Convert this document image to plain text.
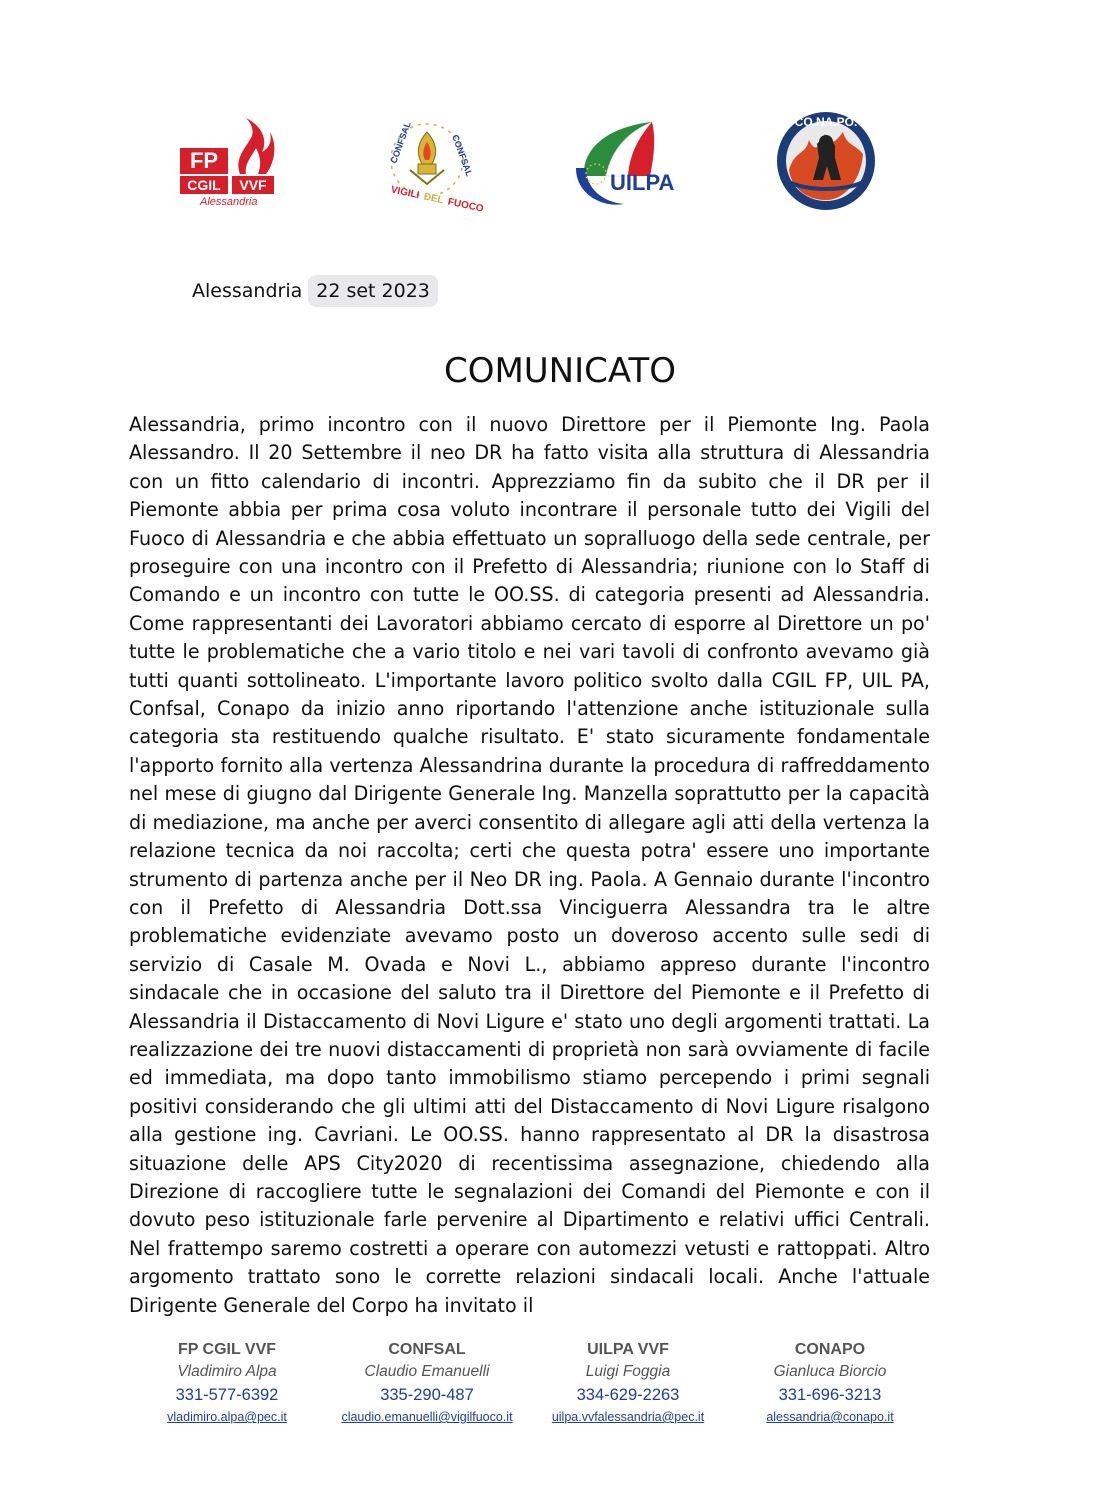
FP
CGIL	VVF
Alessandria
CONFSAL	CONFSAL
VIGILI DEL FUOCO
UILPA
CO.NA.PO.
Alessandria 22 set 2023
COMUNICATO

Alessandria, primo incontro con il nuovo Direttore per il Piemonte Ing. Paola Alessandro. Il 20 Settembre il neo DR ha fatto visita alla struttura di Alessandria con un fitto calendario di incontri. Apprezziamo fin da subito che il DR per il Piemonte abbia per prima cosa voluto incontrare il personale tutto dei Vigili del Fuoco di Alessandria e che abbia effettuato un sopralluogo della sede centrale, per proseguire con una incontro con il Prefetto di Alessandria; riunione con lo Staff di Comando e un incontro con tutte le OO.SS. di categoria presenti ad Alessandria. Come rappresentanti dei Lavoratori abbiamo cercato di esporre al Direttore un po' tutte le problematiche che a vario titolo e nei vari tavoli di confronto avevamo già tutti quanti sottolineato. L'importante lavoro politico svolto dalla CGIL FP, UIL PA, Confsal, Conapo da inizio anno riportando l'attenzione anche istituzionale sulla categoria sta restituendo qualche risultato. E' stato sicuramente fondamentale l'apporto fornito alla vertenza Alessandrina durante la procedura di raffreddamento nel mese di giugno dal Dirigente Generale Ing. Manzella soprattutto per la capacità di mediazione, ma anche per averci consentito di allegare agli atti della vertenza la relazione tecnica da noi raccolta; certi che questa potra' essere uno importante strumento di partenza anche per il Neo DR ing. Paola. A Gennaio durante l'incontro con il Prefetto di Alessandria Dott.ssa Vinciguerra Alessandra tra le altre problematiche evidenziate avevamo posto un doveroso accento sulle sedi di servizio di Casale M. Ovada e Novi L., abbiamo appreso durante l'incontro sindacale che in occasione del saluto tra il Direttore del Piemonte e il Prefetto di Alessandria il Distaccamento di Novi Ligure e' stato uno degli argomenti trattati. La realizzazione dei tre nuovi distaccamenti di proprietà non sarà ovviamente di facile ed immediata, ma dopo tanto immobilismo stiamo percependo i primi segnali positivi considerando che gli ultimi atti del Distaccamento di Novi Ligure risalgono alla gestione ing. Cavriani. Le OO.SS. hanno rappresentato al DR la disastrosa situazione delle APS City2020 di recentissima assegnazione, chiedendo alla Direzione di raccogliere tutte le segnalazioni dei Comandi del Piemonte e con il dovuto peso istituzionale farle pervenire al Dipartimento e relativi uffici Centrali. Nel frattempo saremo costretti a operare con automezzi vetusti e rattoppati. Altro argomento trattato sono le corrette relazioni sindacali locali. Anche l'attuale Dirigente Generale del Corpo ha invitato il

FP CGIL VVF
Vladimiro Alpa
331-577-6392
vladimiro.alpa@pec.it
CONFSAL
Claudio Emanuelli
335-290-487
claudio.emanuelli@vigilfuoco.it
UILPA VVF
Luigi Foggia
334-629-2263
uilpa.vvfalessandria@pec.it
CONAPO
Gianluca Biorcio
331-696-3213
alessandria@conapo.it
